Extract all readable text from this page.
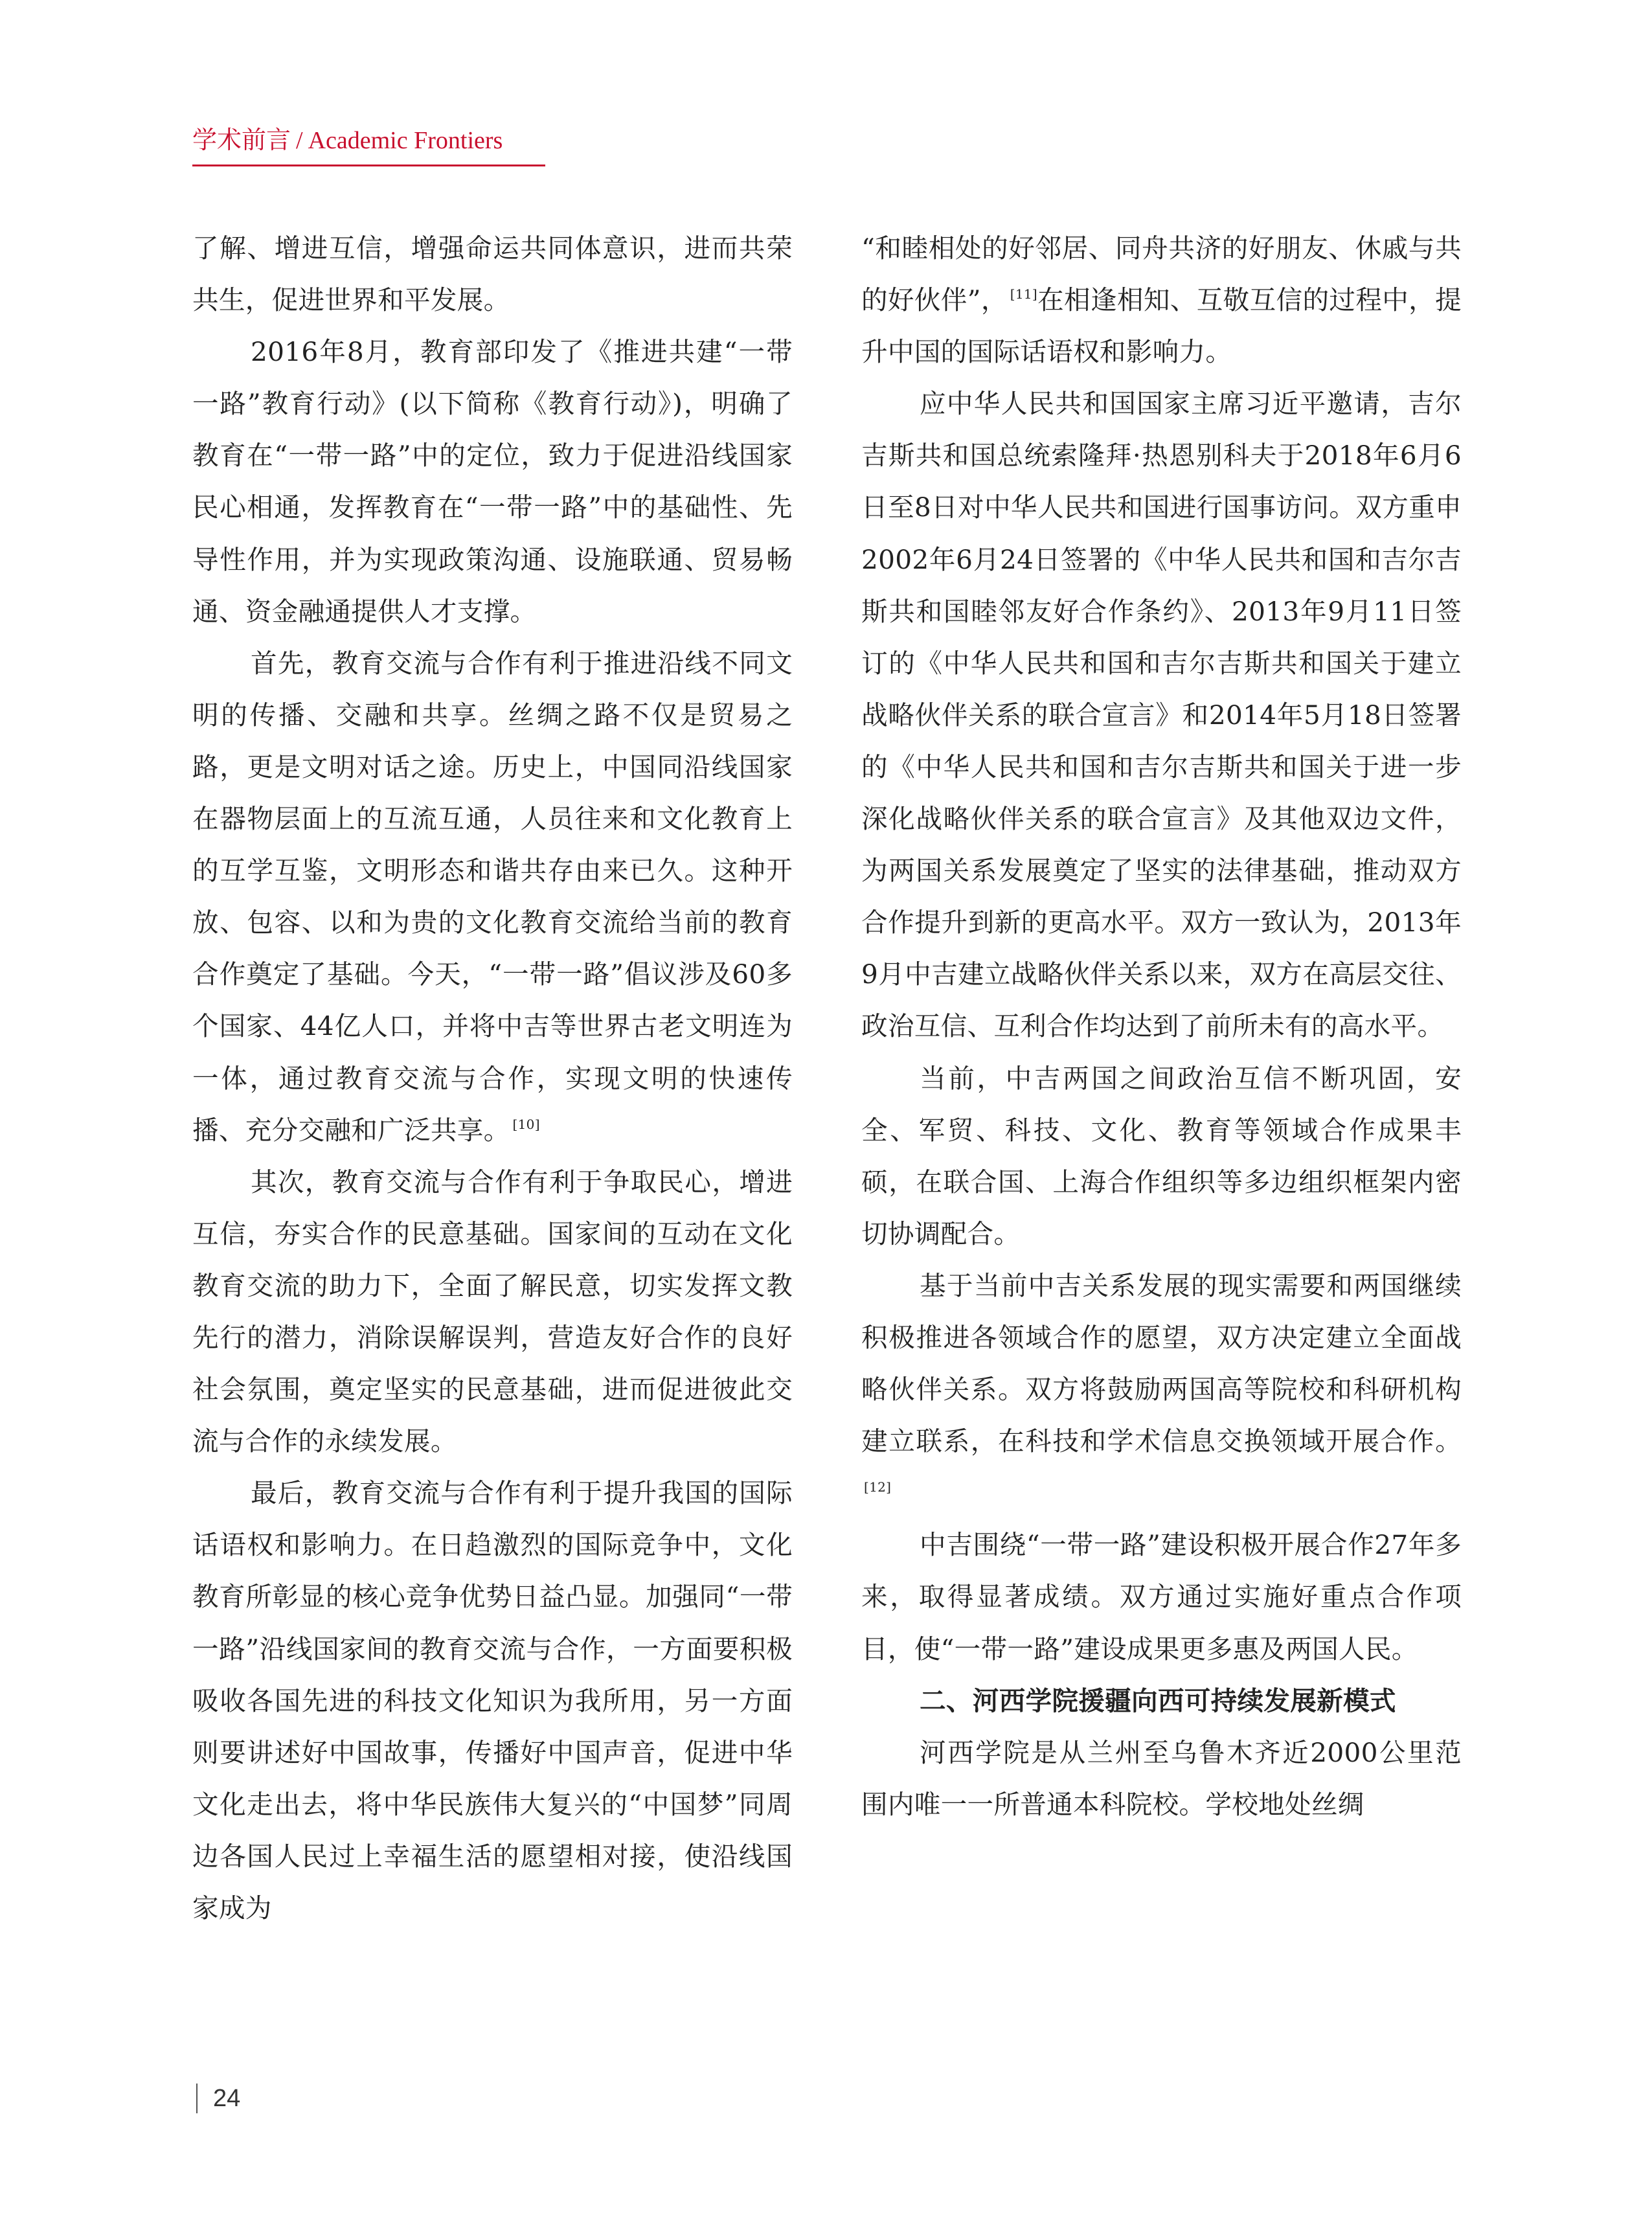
学术前言 / Academic Frontiers

了解、增进互信，增强命运共同体意识，进而共荣共生，促进世界和平发展。

2016年8月，教育部印发了《推进共建“一带一路”教育行动》(以下简称《教育行动》)，明确了教育在“一带一路”中的定位，致力于促进沿线国家民心相通，发挥教育在“一带一路”中的基础性、先导性作用，并为实现政策沟通、设施联通、贸易畅通、资金融通提供人才支撑。

首先，教育交流与合作有利于推进沿线不同文明的传播、交融和共享。丝绸之路不仅是贸易之路，更是文明对话之途。历史上，中国同沿线国家在器物层面上的互流互通，人员往来和文化教育上的互学互鉴，文明形态和谐共存由来已久。这种开放、包容、以和为贵的文化教育交流给当前的教育合作奠定了基础。今天，“一带一路”倡议涉及60多个国家、44亿人口，并将中吉等世界古老文明连为一体，通过教育交流与合作，实现文明的快速传播、充分交融和广泛共享。 [10]

其次，教育交流与合作有利于争取民心，增进互信，夯实合作的民意基础。国家间的互动在文化教育交流的助力下，全面了解民意，切实发挥文教先行的潜力，消除误解误判，营造友好合作的良好社会氛围，奠定坚实的民意基础，进而促进彼此交流与合作的永续发展。

最后，教育交流与合作有利于提升我国的国际话语权和影响力。在日趋激烈的国际竞争中，文化教育所彰显的核心竞争优势日益凸显。加强同“一带一路”沿线国家间的教育交流与合作，一方面要积极吸收各国先进的科技文化知识为我所用，另一方面则要讲述好中国故事，传播好中国声音，促进中华文化走出去，将中华民族伟大复兴的“中国梦”同周边各国人民过上幸福生活的愿望相对接，使沿线国家成为

“和睦相处的好邻居、同舟共济的好朋友、休戚与共的好伙伴”， [11]在相逢相知、互敬互信的过程中，提升中国的国际话语权和影响力。

应中华人民共和国国家主席习近平邀请，吉尔吉斯共和国总统索隆拜·热恩别科夫于2018年6月6日至8日对中华人民共和国进行国事访问。双方重申2002年6月24日签署的《中华人民共和国和吉尔吉斯共和国睦邻友好合作条约》、2013年9月11日签订的《中华人民共和国和吉尔吉斯共和国关于建立战略伙伴关系的联合宣言》和2014年5月18日签署的《中华人民共和国和吉尔吉斯共和国关于进一步深化战略伙伴关系的联合宣言》及其他双边文件，为两国关系发展奠定了坚实的法律基础，推动双方合作提升到新的更高水平。双方一致认为，2013年9月中吉建立战略伙伴关系以来，双方在高层交往、政治互信、互利合作均达到了前所未有的高水平。

当前，中吉两国之间政治互信不断巩固，安全、军贸、科技、文化、教育等领域合作成果丰硕，在联合国、上海合作组织等多边组织框架内密切协调配合。

基于当前中吉关系发展的现实需要和两国继续积极推进各领域合作的愿望，双方决定建立全面战略伙伴关系。双方将鼓励两国高等院校和科研机构建立联系，在科技和学术信息交换领域开展合作。[12]

中吉围绕“一带一路”建设积极开展合作27年多来，取得显著成绩。双方通过实施好重点合作项目，使“一带一路”建设成果更多惠及两国人民。

二、河西学院援疆向西可持续发展新模式

河西学院是从兰州至乌鲁木齐近2000公里范围内唯一一所普通本科院校。学校地处丝绸

24
